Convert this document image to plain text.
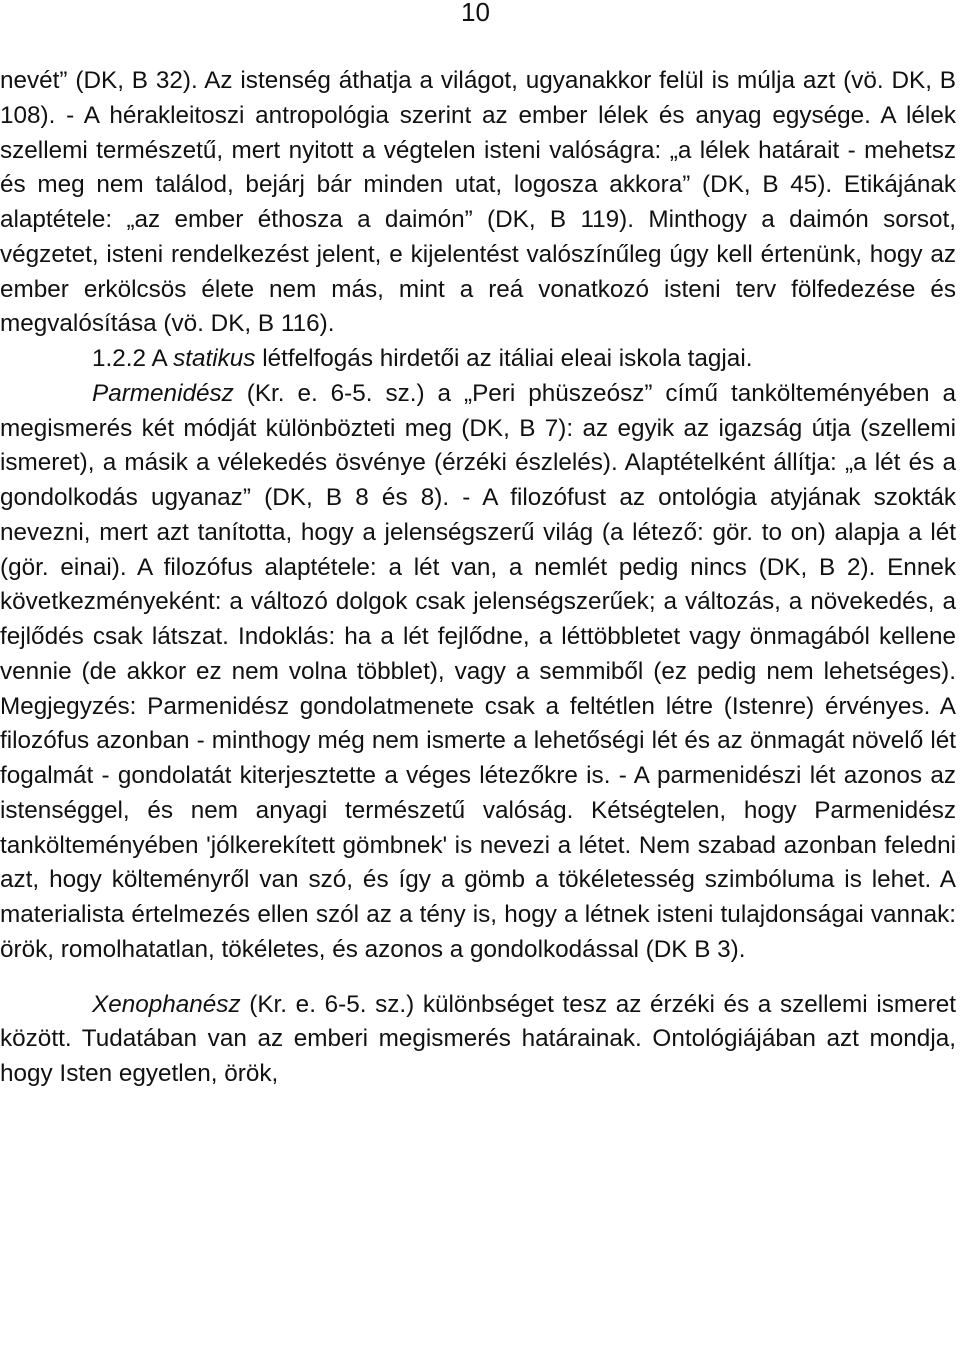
10

nevét” (DK, B 32). Az istenség áthatja a világot, ugyanakkor felül is múlja azt (vö. DK, B 108). - A hérakleitoszi antropológia szerint az ember lélek és anyag egysége. A lélek szellemi természetű, mert nyitott a végtelen isteni valóságra: „a lélek határait - mehetsz és meg nem találod, bejárj bár minden utat, logosza akkora” (DK, B 45). Etikájának alaptétele: „az ember éthosza a daimón” (DK, B 119). Minthogy a daimón sorsot, végzetet, isteni rendelkezést jelent, e kijelentést valószínűleg úgy kell értenünk, hogy az ember erkölcsös élete nem más, mint a reá vonatkozó isteni terv fölfedezése és megvalósítása (vö. DK, B 116).

1.2.2 A statikus létfelfogás hirdetői az itáliai eleai iskola tagjai.

Parmenidész (Kr. e. 6-5. sz.) a „Peri phüszeósz” című tankölteményében a megismerés két módját különbözteti meg (DK, B 7): az egyik az igazság útja (szellemi ismeret), a másik a vélekedés ösvénye (érzéki észlelés). Alaptételként állítja: „a lét és a gondolkodás ugyanaz” (DK, B 8 és 8). - A filozófust az ontológia atyjának szokták nevezni, mert azt tanította, hogy a jelenségszerű világ (a létező: gör. to on) alapja a lét (gör. einai). A filozófus alaptétele: a lét van, a nemlét pedig nincs (DK, B 2). Ennek következményeként: a változó dolgok csak jelenségszerűek; a változás, a növekedés, a fejlődés csak látszat. Indoklás: ha a lét fejlődne, a léttöbbletet vagy önmagából kellene vennie (de akkor ez nem volna többlet), vagy a semmiből (ez pedig nem lehetséges). Megjegyzés: Parmenidész gondolatmenete csak a feltétlen létre (Istenre) érvényes. A filozófus azonban - minthogy még nem ismerte a lehetőségi lét és az önmagát növelő lét fogalmát - gondolatát kiterjesztette a véges létezőkre is. - A parmenidészi lét azonos az istenséggel, és nem anyagi természetű valóság. Kétségtelen, hogy Parmenidész tankölteményében 'jólkerekített gömbnek' is nevezi a létet. Nem szabad azonban feledni azt, hogy költeményről van szó, és így a gömb a tökéletesség szimbóluma is lehet. A materialista értelmezés ellen szól az a tény is, hogy a létnek isteni tulajdonságai vannak: örök, romolhatatlan, tökéletes, és azonos a gondolkodással (DK B 3).

Xenophanész (Kr. e. 6-5. sz.) különbséget tesz az érzéki és a szellemi ismeret között. Tudatában van az emberi megismerés határainak. Ontológiájában azt mondja, hogy Isten egyetlen, örök,
